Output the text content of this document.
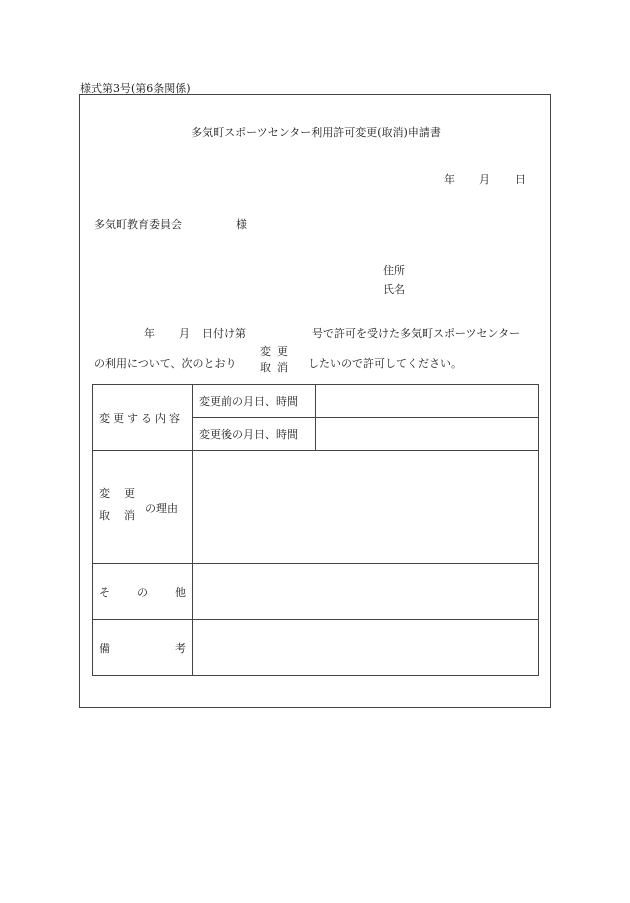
様式第3号(第6条関係)
多気町スポーツセンター利用許可変更(取消)申請書
年 月 日
多気町教育委員会	様
住所
氏名
年 月 日付け第	号で許可を受けた多気町スポーツセンター
の利用について、次のとおり
変更
取消 したいので許可してください。
変更する内容	変更前の月日、時間	
	変更後の月日、時間	

変更
取消
の理由		

そ の 他		

備 考		
